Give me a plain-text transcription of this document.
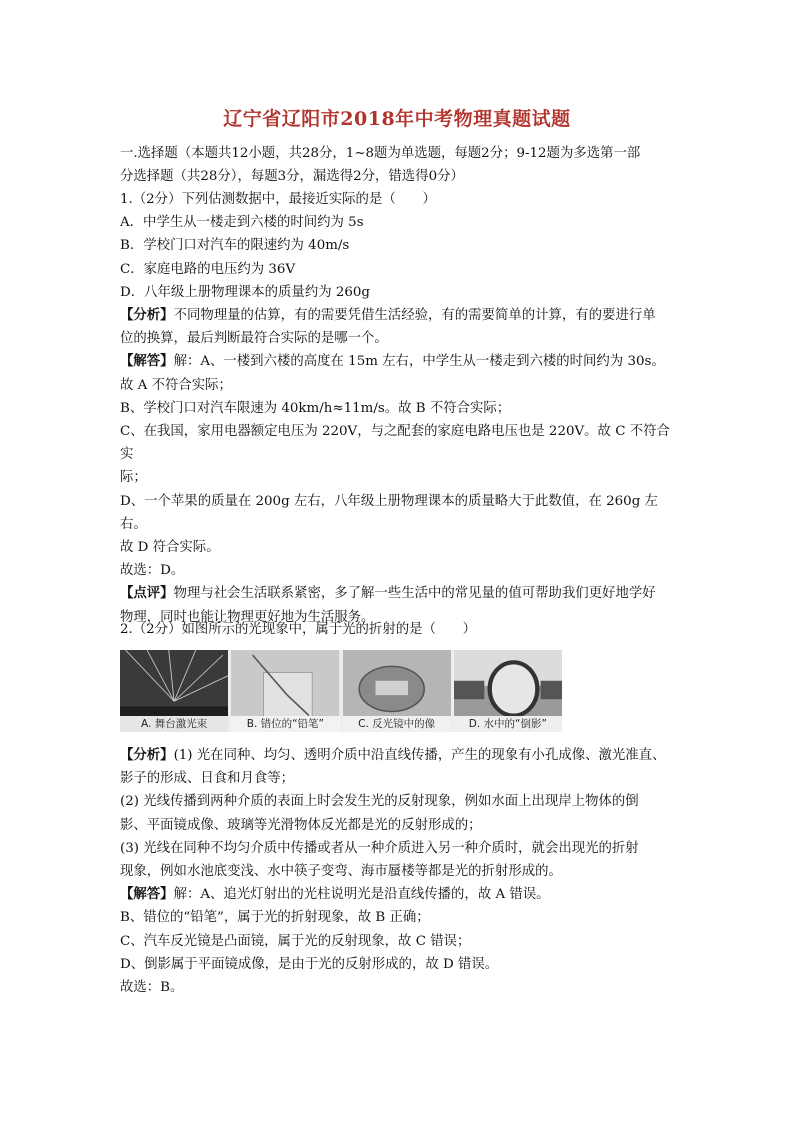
辽宁省辽阳市2018年中考物理真题试题

一.选择题（本题共12小题，共28分，1~8题为单选题，每题2分；9-12题为多选第一部

分选择题（共28分），每题3分，漏选得2分，错选得0分）

1.（2分）下列估测数据中，最接近实际的是（　　）

A．中学生从一楼走到六楼的时间约为 5s

B．学校门口对汽车的限速约为 40m/s

C．家庭电路的电压约为 36V

D．八年级上册物理课本的质量约为 260g

【分析】不同物理量的估算，有的需要凭借生活经验，有的需要简单的计算，有的要进行单

位的换算，最后判断最符合实际的是哪一个。

【解答】解：A、一楼到六楼的高度在 15m 左右，中学生从一楼走到六楼的时间约为 30s。

故 A 不符合实际；

B、学校门口对汽车限速为 40km/h≈11m/s。故 B 不符合实际；

C、在我国，家用电器额定电压为 220V，与之配套的家庭电路电压也是 220V。故 C 不符合实

际；

D、一个苹果的质量在 200g 左右，八年级上册物理课本的质量略大于此数值，在 260g 左右。

故 D 符合实际。

故选：D。

【点评】物理与社会生活联系紧密，多了解一些生活中的常见量的值可帮助我们更好地学好

物理，同时也能让物理更好地为生活服务。

2.（2分）如图所示的光现象中，属于光的折射的是（　　）

A. 舞台激光束	B. 错位的“铅笔”	C. 反光镜中的像	D. 水中的“倒影”

【分析】(1) 光在同种、均匀、透明介质中沿直线传播，产生的现象有小孔成像、激光准直、

影子的形成、日食和月食等；

(2) 光线传播到两种介质的表面上时会发生光的反射现象，例如水面上出现岸上物体的倒

影、平面镜成像、玻璃等光滑物体反光都是光的反射形成的；

(3) 光线在同种不均匀介质中传播或者从一种介质进入另一种介质时，就会出现光的折射

现象，例如水池底变浅、水中筷子变弯、海市蜃楼等都是光的折射形成的。

【解答】解：A、追光灯射出的光柱说明光是沿直线传播的，故 A 错误。

B、错位的“铅笔”，属于光的折射现象，故 B 正确；

C、汽车反光镜是凸面镜，属于光的反射现象，故 C 错误；

D、倒影属于平面镜成像，是由于光的反射形成的，故 D 错误。

故选：B。
